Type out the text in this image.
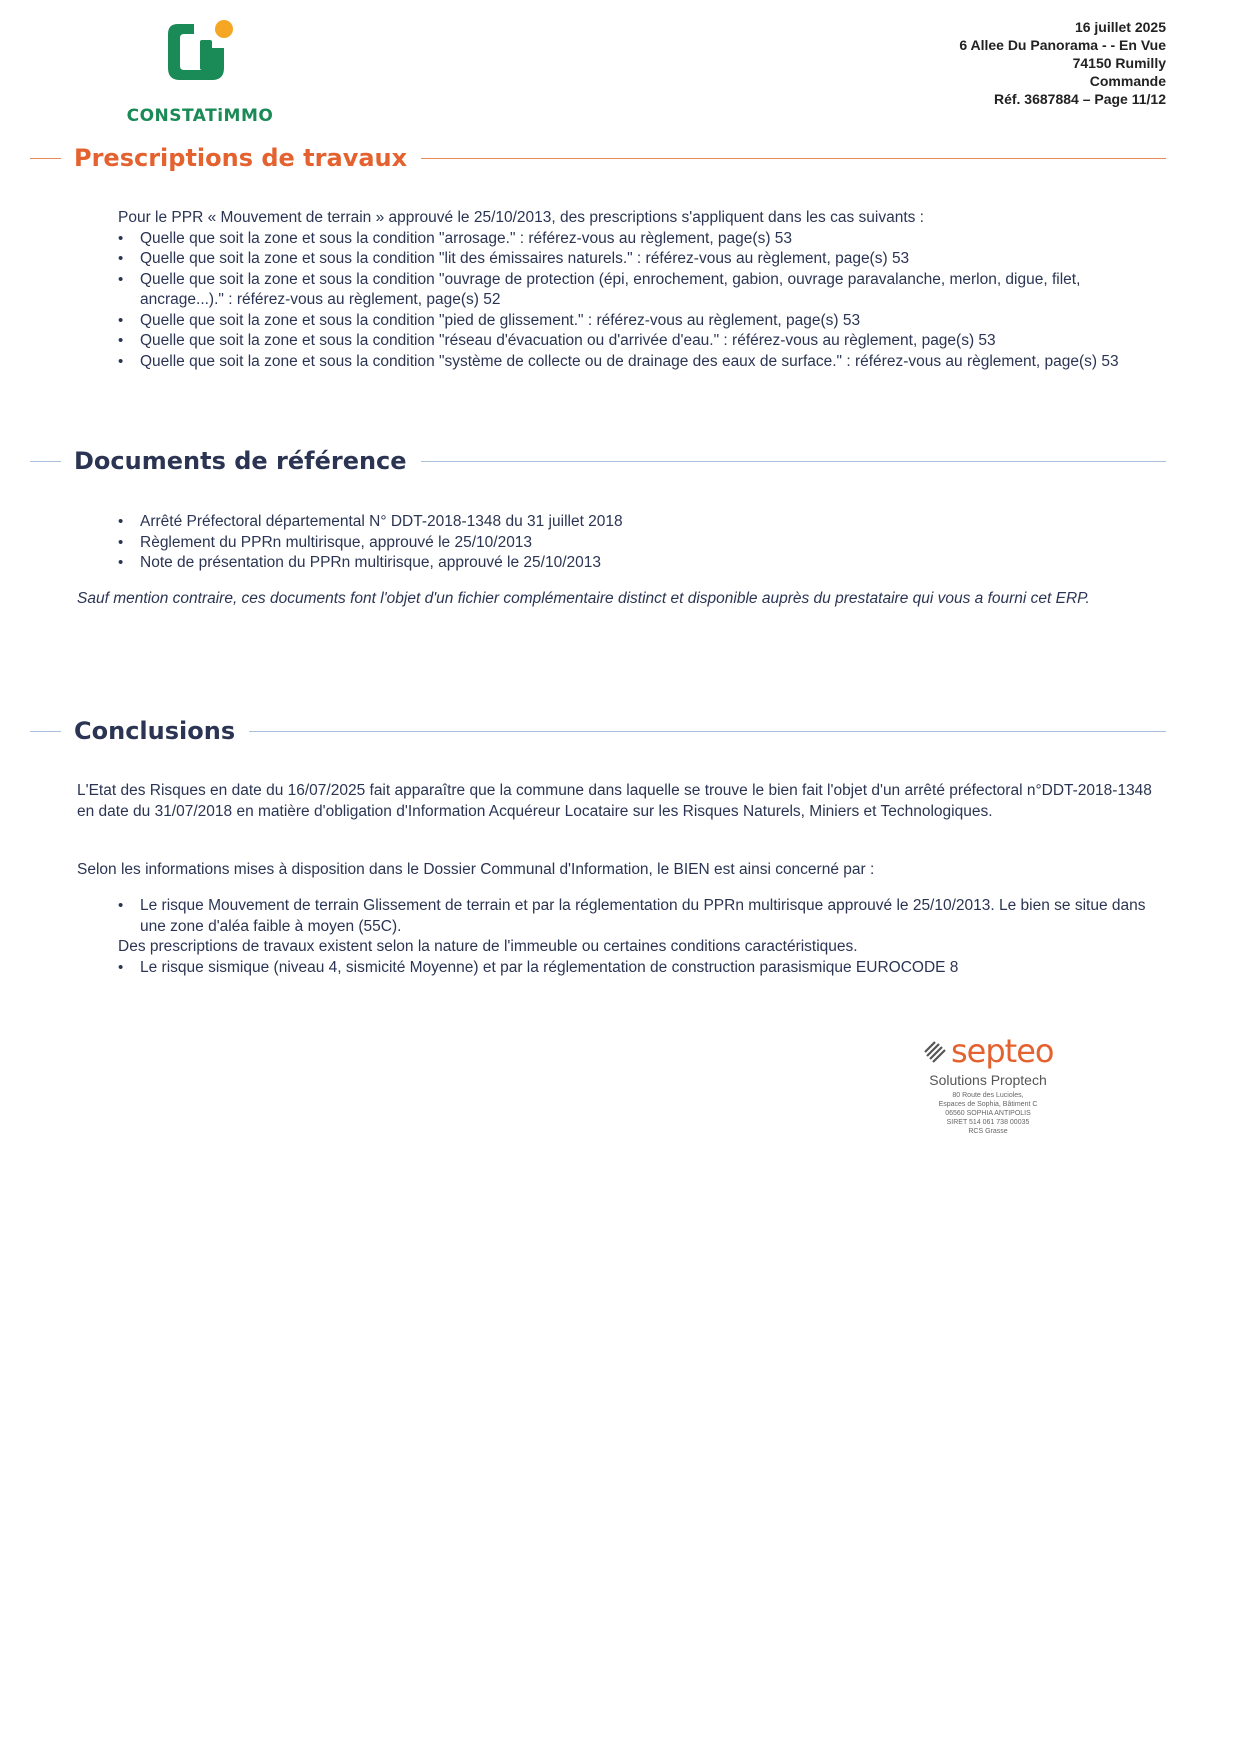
CONSTATiMMO
16 juillet 2025
6 Allee Du Panorama - - En Vue
74150 Rumilly
Commande
Réf. 3687884 – Page 11/12
Prescriptions de travaux

Pour le PPR « Mouvement de terrain » approuvé le 25/10/2013, des prescriptions s'appliquent dans les cas suivants :

• Quelle que soit la zone et sous la condition "arrosage." : référez-vous au règlement, page(s) 53
• Quelle que soit la zone et sous la condition "lit des émissaires naturels." : référez-vous au règlement, page(s) 53
• Quelle que soit la zone et sous la condition "ouvrage de protection (épi, enrochement, gabion, ouvrage paravalanche, merlon, digue, filet, ancrage...)." : référez-vous au règlement, page(s) 52
• Quelle que soit la zone et sous la condition "pied de glissement." : référez-vous au règlement, page(s) 53
• Quelle que soit la zone et sous la condition "réseau d'évacuation ou d'arrivée d'eau." : référez-vous au règlement, page(s) 53
• Quelle que soit la zone et sous la condition "système de collecte ou de drainage des eaux de surface." : référez-vous au règlement, page(s) 53
Documents de référence
• Arrêté Préfectoral départemental N° DDT-2018-1348 du 31 juillet 2018
• Règlement du PPRn multirisque, approuvé le 25/10/2013
• Note de présentation du PPRn multirisque, approuvé le 25/10/2013
Sauf mention contraire, ces documents font l'objet d'un fichier complémentaire distinct et disponible auprès du prestataire qui vous a fourni cet ERP.
Conclusions
L'Etat des Risques en date du 16/07/2025 fait apparaître que la commune dans laquelle se trouve le bien fait l'objet d'un arrêté préfectoral n°DDT-2018-1348 en date du 31/07/2018 en matière d'obligation d'Information Acquéreur Locataire sur les Risques Naturels, Miniers et Technologiques.
Selon les informations mises à disposition dans le Dossier Communal d'Information, le BIEN est ainsi concerné par :
• Le risque Mouvement de terrain Glissement de terrain et par la réglementation du PPRn multirisque approuvé le 25/10/2013. Le bien se situe dans une zone d'aléa faible à moyen (55C).

Des prescriptions de travaux existent selon la nature de l'immeuble ou certaines conditions caractéristiques.

• Le risque sismique (niveau 4, sismicité Moyenne) et par la réglementation de construction parasismique EUROCODE 8
septeo
Solutions Proptech
80 Route des Lucioles,
Espaces de Sophia, Bâtiment C
06560 SOPHIA ANTIPOLIS
SIRET 514 061 738 00035
RCS Grasse
